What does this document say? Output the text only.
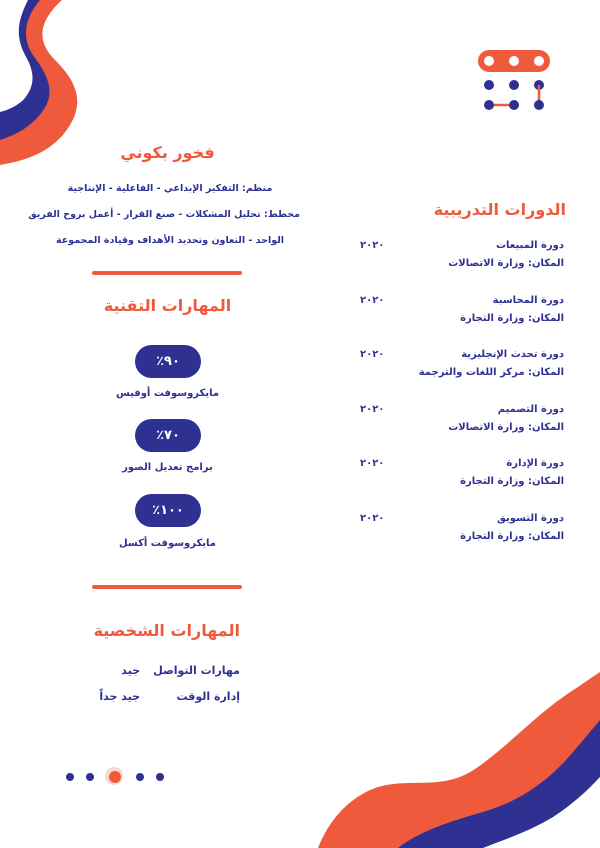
فخور بكوني
منظم: التفكير الإبداعي - الفاعلية - الإنتاجية
مخطط: تحليل المشكلات - صنع القرار - أعمل بروح الفريق
الواحد - التعاون وتحديد الأهداف وقيادة المجموعة
المهارات التقنية
٩٠٪
مايكروسوفت أوفيس
٧٠٪
برامج تعديل الصور
١٠٠٪
مايكروسوفت أكسل
المهارات الشخصية
مهارات التواصل
جيد
إدارة الوقت
جيد جداً
الدورات التدريبية
دورة المبيعات
٢٠٢٠
المكان: وزارة الاتصالات
دورة المحاسبة
٢٠٢٠
المكان: وزارة التجارة
دورة تحدث الإنجليزية
٢٠٢٠
المكان: مركز اللغات والترجمة
دورة التصميم
٢٠٢٠
المكان: وزارة الاتصالات
دورة الإدارة
٢٠٢٠
المكان: وزارة التجارة
دورة التسويق
٢٠٢٠
المكان: وزارة التجارة
